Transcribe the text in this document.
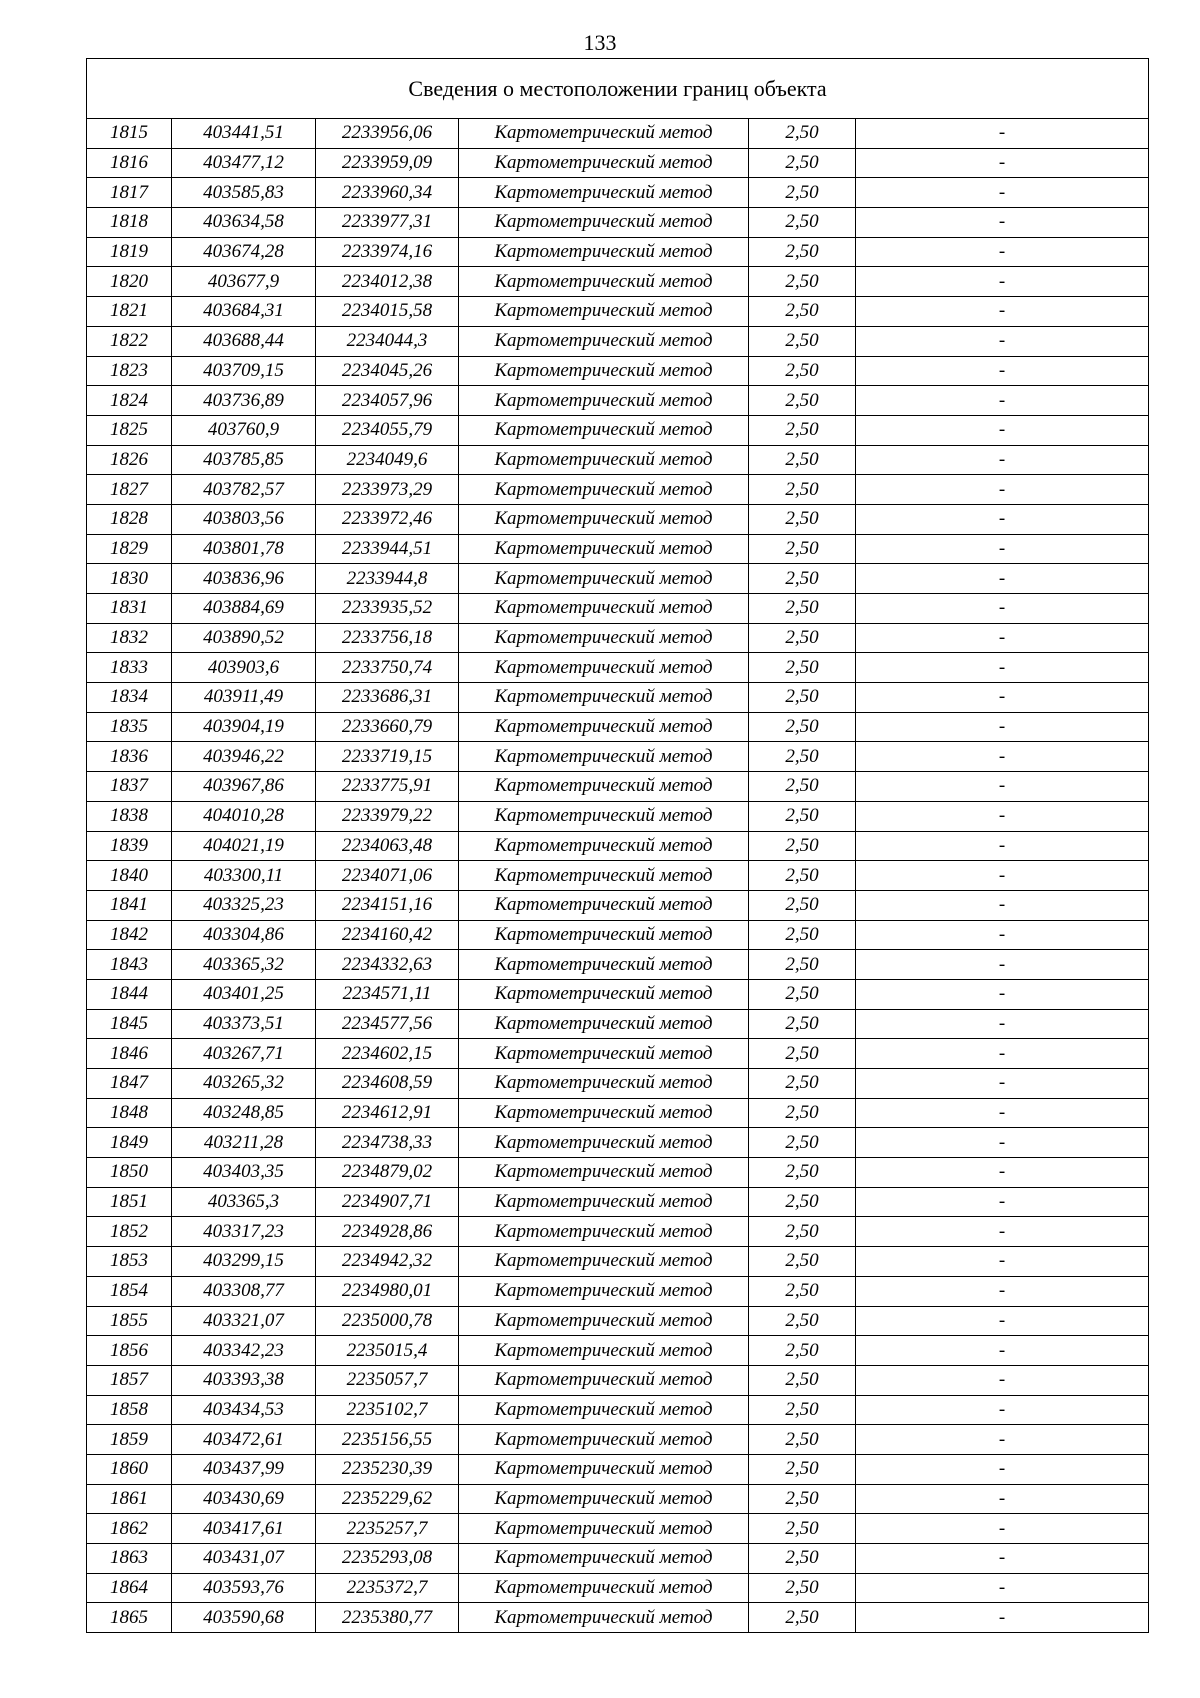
133
Сведения о местоположении границ объекта					
1815	403441,51	2233956,06	Картометрический метод	2,50	-
1816	403477,12	2233959,09	Картометрический метод	2,50	-
1817	403585,83	2233960,34	Картометрический метод	2,50	-
1818	403634,58	2233977,31	Картометрический метод	2,50	-
1819	403674,28	2233974,16	Картометрический метод	2,50	-
1820	403677,9	2234012,38	Картометрический метод	2,50	-
1821	403684,31	2234015,58	Картометрический метод	2,50	-
1822	403688,44	2234044,3	Картометрический метод	2,50	-
1823	403709,15	2234045,26	Картометрический метод	2,50	-
1824	403736,89	2234057,96	Картометрический метод	2,50	-
1825	403760,9	2234055,79	Картометрический метод	2,50	-
1826	403785,85	2234049,6	Картометрический метод	2,50	-
1827	403782,57	2233973,29	Картометрический метод	2,50	-
1828	403803,56	2233972,46	Картометрический метод	2,50	-
1829	403801,78	2233944,51	Картометрический метод	2,50	-
1830	403836,96	2233944,8	Картометрический метод	2,50	-
1831	403884,69	2233935,52	Картометрический метод	2,50	-
1832	403890,52	2233756,18	Картометрический метод	2,50	-
1833	403903,6	2233750,74	Картометрический метод	2,50	-
1834	403911,49	2233686,31	Картометрический метод	2,50	-
1835	403904,19	2233660,79	Картометрический метод	2,50	-
1836	403946,22	2233719,15	Картометрический метод	2,50	-
1837	403967,86	2233775,91	Картометрический метод	2,50	-
1838	404010,28	2233979,22	Картометрический метод	2,50	-
1839	404021,19	2234063,48	Картометрический метод	2,50	-
1840	403300,11	2234071,06	Картометрический метод	2,50	-
1841	403325,23	2234151,16	Картометрический метод	2,50	-
1842	403304,86	2234160,42	Картометрический метод	2,50	-
1843	403365,32	2234332,63	Картометрический метод	2,50	-
1844	403401,25	2234571,11	Картометрический метод	2,50	-
1845	403373,51	2234577,56	Картометрический метод	2,50	-
1846	403267,71	2234602,15	Картометрический метод	2,50	-
1847	403265,32	2234608,59	Картометрический метод	2,50	-
1848	403248,85	2234612,91	Картометрический метод	2,50	-
1849	403211,28	2234738,33	Картометрический метод	2,50	-
1850	403403,35	2234879,02	Картометрический метод	2,50	-
1851	403365,3	2234907,71	Картометрический метод	2,50	-
1852	403317,23	2234928,86	Картометрический метод	2,50	-
1853	403299,15	2234942,32	Картометрический метод	2,50	-
1854	403308,77	2234980,01	Картометрический метод	2,50	-
1855	403321,07	2235000,78	Картометрический метод	2,50	-
1856	403342,23	2235015,4	Картометрический метод	2,50	-
1857	403393,38	2235057,7	Картометрический метод	2,50	-
1858	403434,53	2235102,7	Картометрический метод	2,50	-
1859	403472,61	2235156,55	Картометрический метод	2,50	-
1860	403437,99	2235230,39	Картометрический метод	2,50	-
1861	403430,69	2235229,62	Картометрический метод	2,50	-
1862	403417,61	2235257,7	Картометрический метод	2,50	-
1863	403431,07	2235293,08	Картометрический метод	2,50	-
1864	403593,76	2235372,7	Картометрический метод	2,50	-
1865	403590,68	2235380,77	Картометрический метод	2,50	-
